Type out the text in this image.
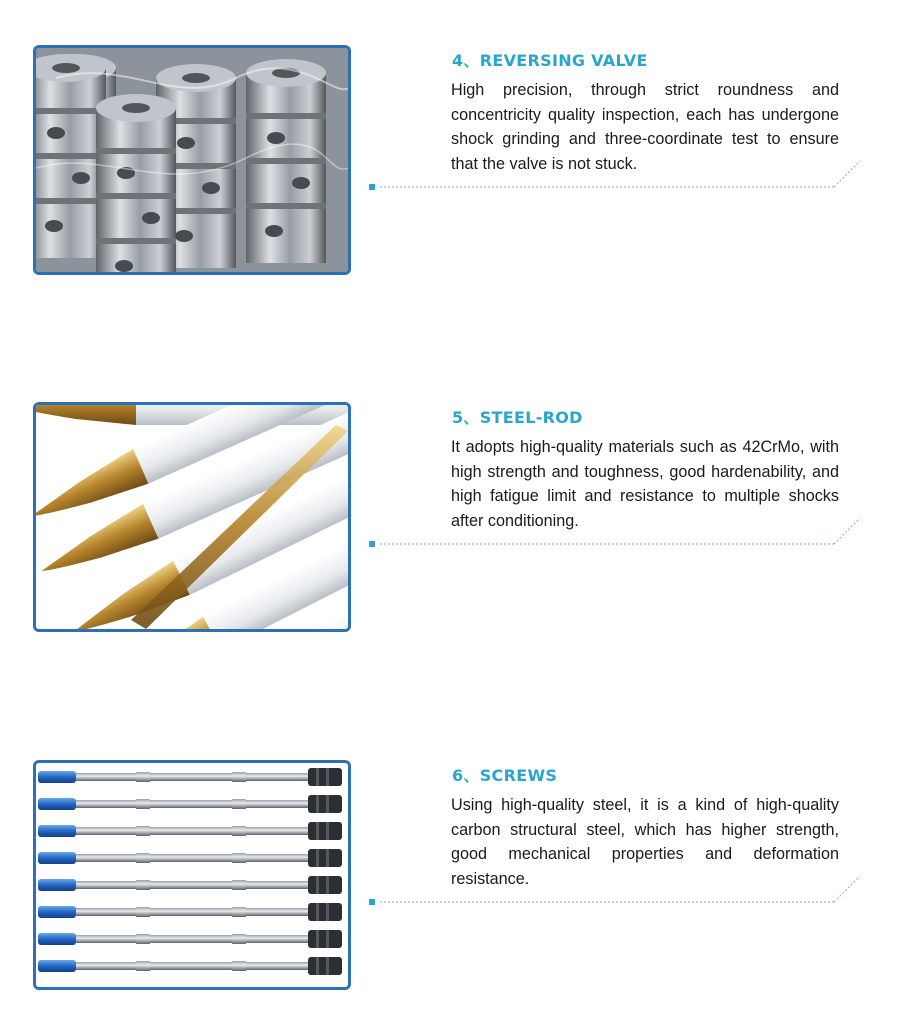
4、REVERSING VALVE

High precision, through strict roundness and concentricity quality inspection, each has undergone shock grinding and three-coordinate test to ensure that the valve is not stuck.

5、STEEL-ROD

It adopts high-quality materials such as 42CrMo, with high strength and toughness, good hardenability, and high fatigue limit and resistance to multiple shocks after conditioning.

6、SCREWS

Using high-quality steel, it is a kind of high-quality carbon structural steel, which has higher strength, good mechanical properties and deformation resistance.
